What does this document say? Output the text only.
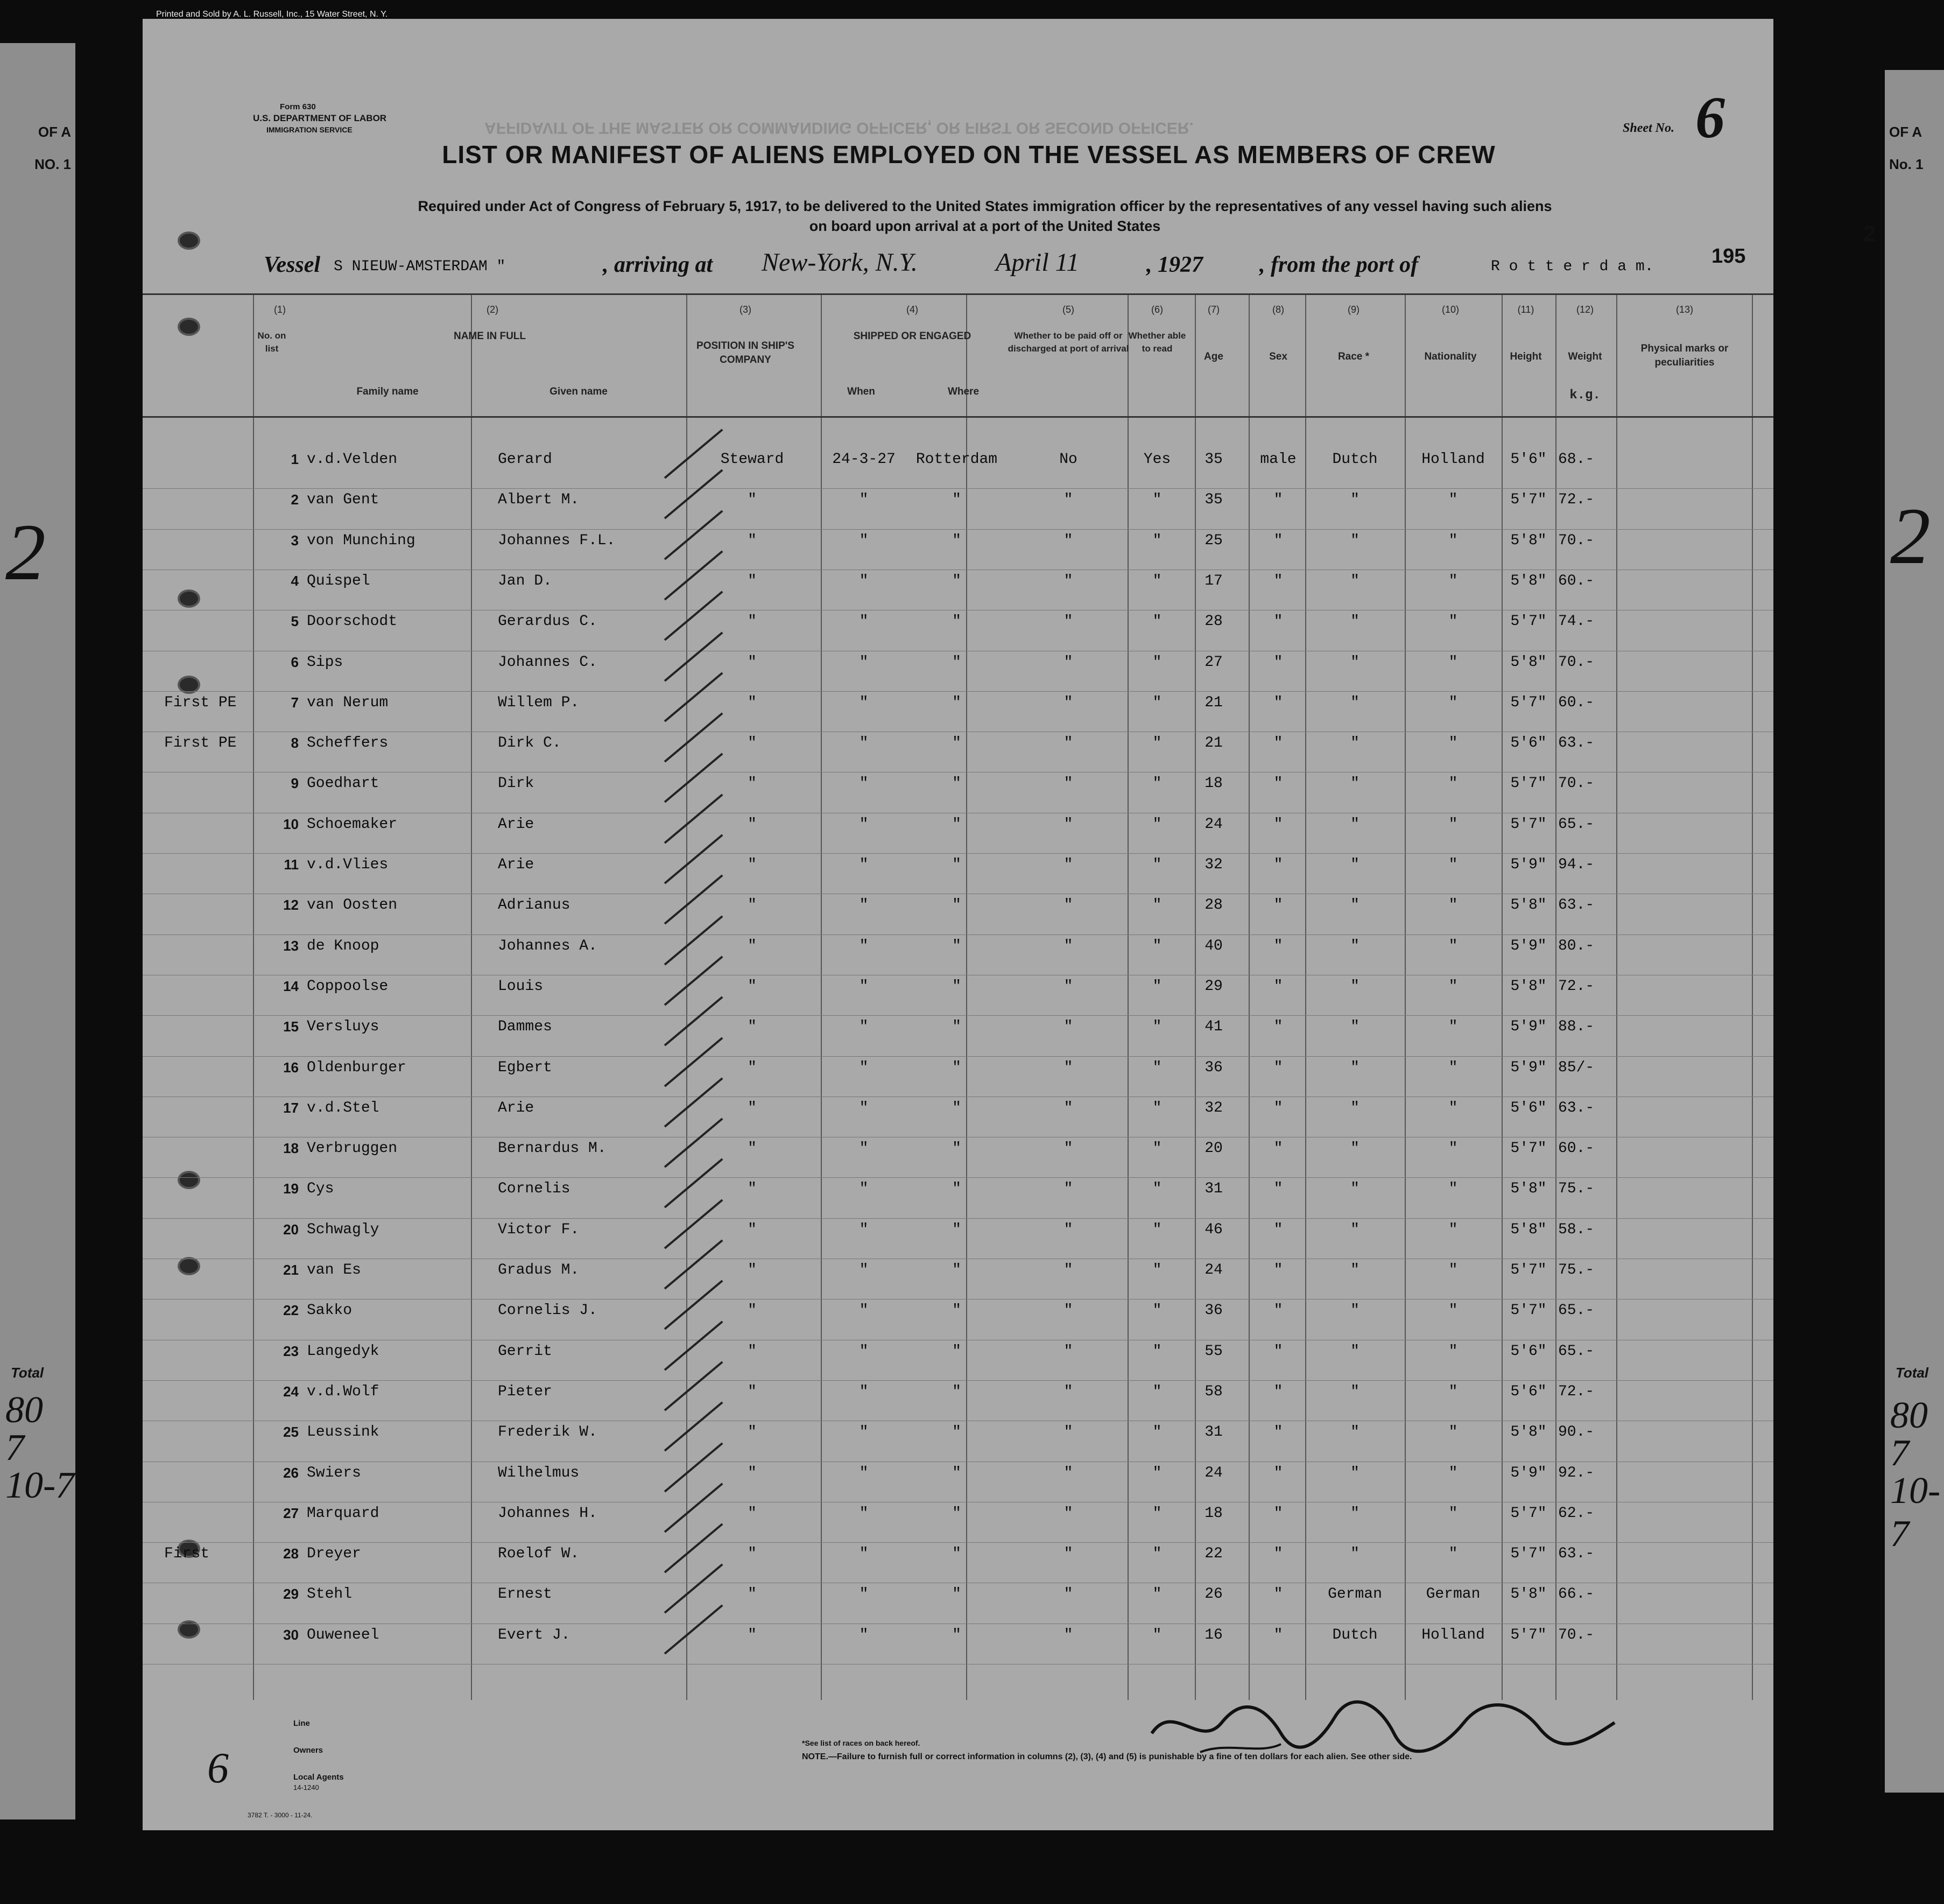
OF A
NO. 1
2
Total
80
7
10-7
OF A
No. 1
2
2
Total
80
7
10-7
Printed and Sold by A. L. Russell, Inc., 15 Water Street, N. Y.
Form 630
U.S. DEPARTMENT OF LABOR
IMMIGRATION SERVICE	AFFIDAVIT OF THE MASTER OR COMMANDING OFFICER, OR FIRST OR SECOND OFFICER.	Sheet No. 6
LIST OR MANIFEST OF ALIENS EMPLOYED ON THE VESSEL AS MEMBERS OF CREW
Required under Act of Congress of February 5, 1917, to be delivered to the United States immigration officer by the representatives of any vessel having such aliens
on board upon arrival at a port of the United States
195
Vessel S NIEUW-AMSTERDAM "	, arriving at New-York, N.Y.	April 11	, 1927	, from the port of	R o t t e r d a m.
(1)
No. on list
(2)
NAME IN FULL
Family name	Given name
(3)
POSITION IN SHIP'S COMPANY
(4)
SHIPPED OR ENGAGED
When	Where
(5)
Whether to be paid off or discharged at port of arrival
(6)
Whether able to read
(7)
Age
(8)
Sex
(9)
Race *
(10)
Nationality
(11)
Height
(12)
Weight
k.g.
(13)
Physical marks or peculiarities
1 v.d.Velden	Gerard	Steward	24-3-27	Rotterdam	No	Yes	35	male	Dutch	Holland	5'6" 68.-
2 van Gent	Albert M.	"	"	"	"	"	35	"	"	"	5'7" 72.-
3 von Munching	Johannes F.L.	"	"	"	"	"	25	"	"	"	5'8" 70.-
4 Quispel	Jan D.	"	"	"	"	"	17	"	"	"	5'8" 60.-
5 Doorschodt	Gerardus C.	"	"	"	"	"	28	"	"	"	5'7" 74.-
6 Sips	Johannes C.	"	"	"	"	"	27	"	"	"	5'8" 70.-
7 van Nerum	Willem P.	"	"	"	"	"	21	"	"	"	5'7" 60.-
First PE
8 Scheffers	Dirk C.	"	"	"	"	"	21	"	"	"	5'6" 63.-
First PE
9 Goedhart	Dirk	"	"	"	"	"	18	"	"	"	5'7" 70.-
10 Schoemaker	Arie	"	"	"	"	"	24	"	"	"	5'7" 65.-
11 v.d.Vlies	Arie	"	"	"	"	"	32	"	"	"	5'9" 94.-
12 van Oosten	Adrianus	"	"	"	"	"	28	"	"	"	5'8" 63.-
13 de Knoop	Johannes A.	"	"	"	"	"	40	"	"	"	5'9" 80.-
14 Coppoolse	Louis	"	"	"	"	"	29	"	"	"	5'8" 72.-
15 Versluys	Dammes	"	"	"	"	"	41	"	"	"	5'9" 88.-
16 Oldenburger	Egbert	"	"	"	"	"	36	"	"	"	5'9" 85/-
17 v.d.Stel	Arie	"	"	"	"	"	32	"	"	"	5'6" 63.-
18 Verbruggen	Bernardus M.	"	"	"	"	"	20	"	"	"	5'7" 60.-
19 Cys	Cornelis	"	"	"	"	"	31	"	"	"	5'8" 75.-
20 Schwagly	Victor F.	"	"	"	"	"	46	"	"	"	5'8" 58.-
21 van Es	Gradus M.	"	"	"	"	"	24	"	"	"	5'7" 75.-
22 Sakko	Cornelis J.	"	"	"	"	"	36	"	"	"	5'7" 65.-
23 Langedyk	Gerrit	"	"	"	"	"	55	"	"	"	5'6" 65.-
24 v.d.Wolf	Pieter	"	"	"	"	"	58	"	"	"	5'6" 72.-
25 Leussink	Frederik W.	"	"	"	"	"	31	"	"	"	5'8" 90.-
26 Swiers	Wilhelmus	"	"	"	"	"	24	"	"	"	5'9" 92.-
27 Marquard	Johannes H.	"	"	"	"	"	18	"	"	"	5'7" 62.-
28 Dreyer	Roelof W.	"	"	"	"	"	22	"	"	"	5'7" 63.-
First
29 Stehl	Ernest	"	"	"	"	"	26	"	German	German	5'8" 66.-
30 Ouweneel	Evert J.	"	"	"	"	"	16	"	Dutch	Holland	5'7" 70.-
Line
Owners
Local Agents
14-1240
*See list of races on back hereof.
NOTE.—Failure to furnish full or correct information in columns (2), (3), (4) and (5) is punishable by a fine of ten dollars for each alien. See other side.
3782 T. - 3000 - 11-24.
6
